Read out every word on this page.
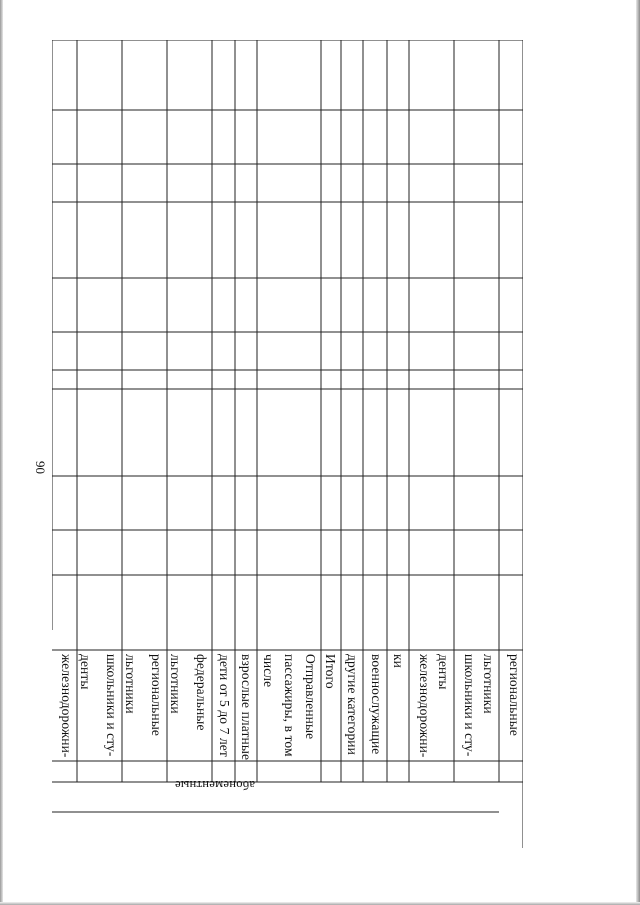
90
региональные
льготники
школьники и сту-
денты
железнодорожни-
ки
военнослужащие
другие категории
Итого
Отправленные
пассажиры, в том
числе
взрослые платные
дети от 5 до 7 лет
федеральные
льготники
региональные
льготники
школьники и сту-
денты
железнодорожни-
абонементные
